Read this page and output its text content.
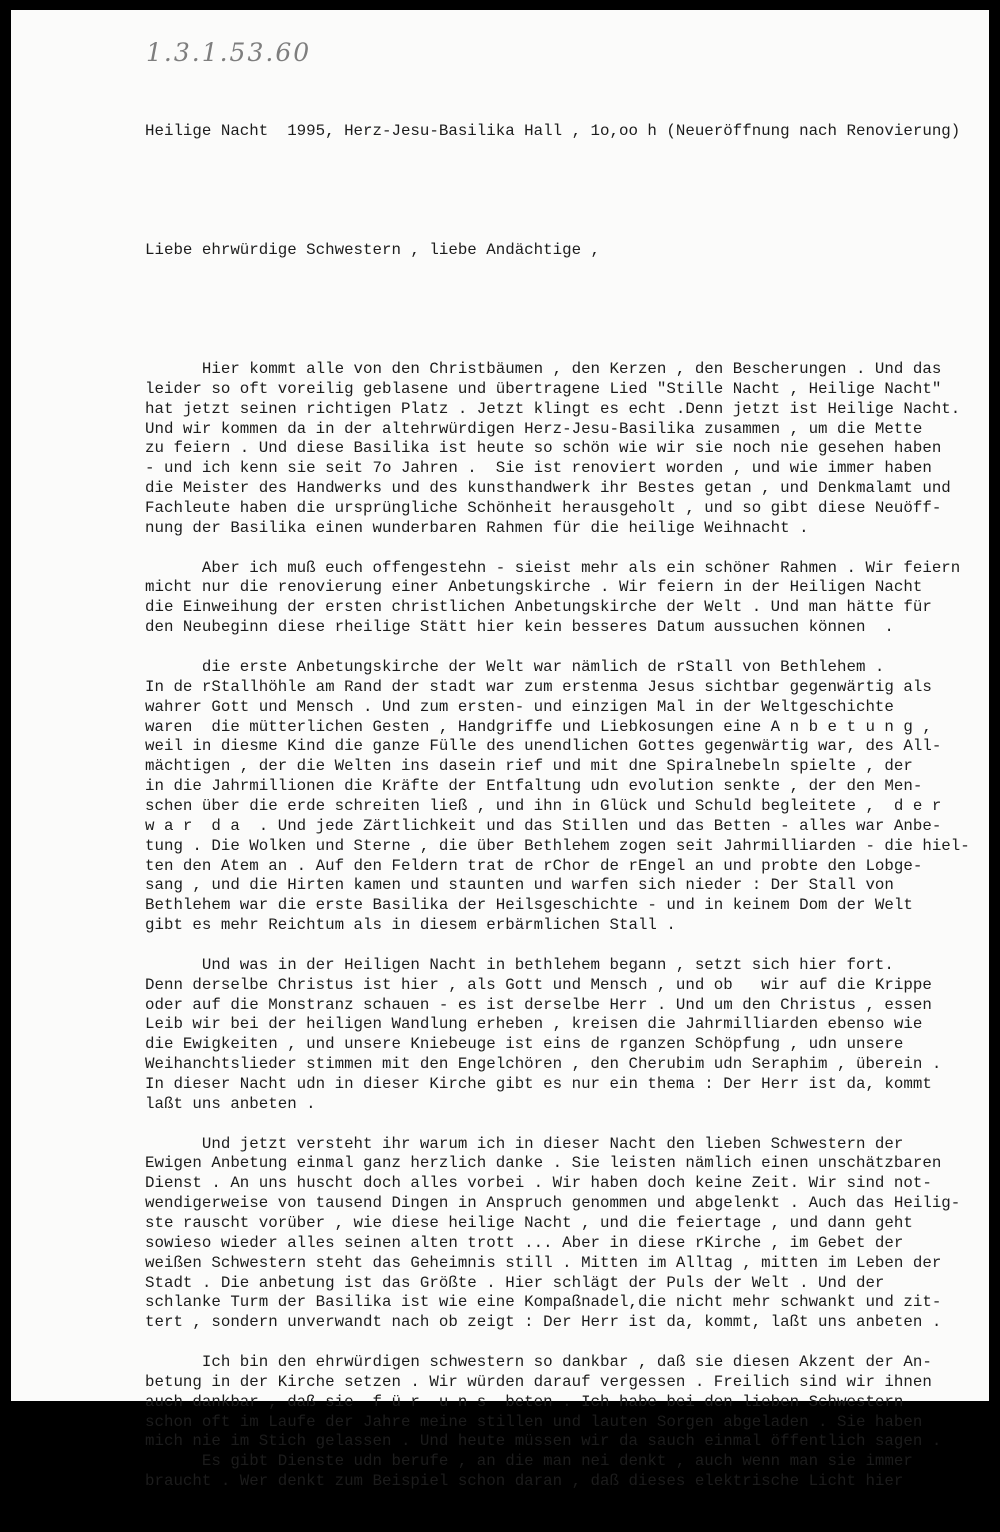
1.3.1.53.60

Heilige Nacht  1995, Herz-Jesu-Basilika Hall , 1o,oo h (Neueröffnung nach Renovierung)

Liebe ehrwürdige Schwestern , liebe Andächtige ,

Hier kommt alle von den Christbäumen , den Kerzen , den Bescherungen . Und das
leider so oft voreilig geblasene und übertragene Lied "Stille Nacht , Heilige Nacht"
hat jetzt seinen richtigen Platz . Jetzt klingt es echt .Denn jetzt ist Heilige Nacht.
Und wir kommen da in der altehrwürdigen Herz-Jesu-Basilika zusammen , um die Mette
zu feiern . Und diese Basilika ist heute so schön wie wir sie noch nie gesehen haben
- und ich kenn sie seit 7o Jahren .  Sie ist renoviert worden , und wie immer haben
die Meister des Handwerks und des kunsthandwerk ihr Bestes getan , und Denkmalamt und
Fachleute haben die ursprüngliche Schönheit herausgeholt , und so gibt diese Neuöff-
nung der Basilika einen wunderbaren Rahmen für die heilige Weihnacht .
Aber ich muß euch offengestehn - sieist mehr als ein schöner Rahmen . Wir feiern
micht nur die renovierung einer Anbetungskirche . Wir feiern in der Heiligen Nacht
die Einweihung der ersten christlichen Anbetungskirche der Welt . Und man hätte für
den Neubeginn diese rheilige Stätt hier kein besseres Datum aussuchen können  .
die erste Anbetungskirche der Welt war nämlich de rStall von Bethlehem .
In de rStallhöhle am Rand der stadt war zum erstenma Jesus sichtbar gegenwärtig als
wahrer Gott und Mensch . Und zum ersten- und einzigen Mal in der Weltgeschichte
waren  die mütterlichen Gesten , Handgriffe und Liebkosungen eine A n b e t u n g ,
weil in diesme Kind die ganze Fülle des unendlichen Gottes gegenwärtig war, des All-
mächtigen , der die Welten ins dasein rief und mit dne Spiralnebeln spielte , der
in die Jahrmillionen die Kräfte der Entfaltung udn evolution senkte , der den Men-
schen über die erde schreiten ließ , und ihn in Glück und Schuld begleitete ,  d e r
w a r  d a  . Und jede Zärtlichkeit und das Stillen und das Betten - alles war Anbe-
tung . Die Wolken und Sterne , die über Bethlehem zogen seit Jahrmilliarden - die hiel-
ten den Atem an . Auf den Feldern trat de rChor de rEngel an und probte den Lobge-
sang , und die Hirten kamen und staunten und warfen sich nieder : Der Stall von
Bethlehem war die erste Basilika der Heilsgeschichte - und in keinem Dom der Welt
gibt es mehr Reichtum als in diesem erbärmlichen Stall .
Und was in der Heiligen Nacht in bethlehem begann , setzt sich hier fort.
Denn derselbe Christus ist hier , als Gott und Mensch , und ob   wir auf die Krippe
oder auf die Monstranz schauen - es ist derselbe Herr . Und um den Christus , essen
Leib wir bei der heiligen Wandlung erheben , kreisen die Jahrmilliarden ebenso wie
die Ewigkeiten , und unsere Kniebeuge ist eins de rganzen Schöpfung , udn unsere
Weihanchtslieder stimmen mit den Engelchören , den Cherubim udn Seraphim , überein .
In dieser Nacht udn in dieser Kirche gibt es nur ein thema : Der Herr ist da, kommt
laßt uns anbeten .
Und jetzt versteht ihr warum ich in dieser Nacht den lieben Schwestern der
Ewigen Anbetung einmal ganz herzlich danke . Sie leisten nämlich einen unschätzbaren
Dienst . An uns huscht doch alles vorbei . Wir haben doch keine Zeit. Wir sind not-
wendigerweise von tausend Dingen in Anspruch genommen und abgelenkt . Auch das Heilig-
ste rauscht vorüber , wie diese heilige Nacht , und die feiertage , und dann geht
sowieso wieder alles seinen alten trott ... Aber in diese rKirche , im Gebet der
weißen Schwestern steht das Geheimnis still . Mitten im Alltag , mitten im Leben der
Stadt . Die anbetung ist das Größte . Hier schlägt der Puls der Welt . Und der
schlanke Turm der Basilika ist wie eine Kompaßnadel,die nicht mehr schwankt und zit-
tert , sondern unverwandt nach ob zeigt : Der Herr ist da, kommt, laßt uns anbeten .
Ich bin den ehrwürdigen schwestern so dankbar , daß sie diesen Akzent der An-
betung in der Kirche setzen . Wir würden darauf vergessen . Freilich sind wir ihnen
auch dankbar , daß sie  f ü r  u n s  beten . Ich habe bei den lieben Schwestern
schon oft im Laufe der Jahre meine stillen und lauten Sorgen abgeladen . Sie haben
mich nie im Stich gelassen . Und heute müssen wir da sauch einmal öffentlich sagen .
Es gibt Dienste udn berufe , an die man nei denkt , auch wenn man sie immer
braucht . Wer denkt zum Beispiel schon daran , daß dieses elektrische Licht hier
